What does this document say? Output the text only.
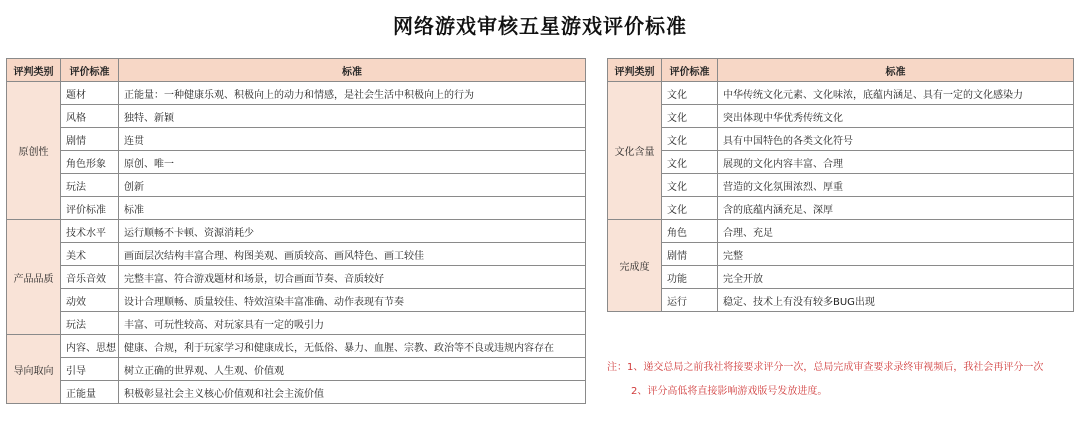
网络游戏审核五星游戏评价标准
评判类别	评价标准	标准
原创性	题材	正能量：一种健康乐观、积极向上的动力和情感，是社会生活中积极向上的行为
	风格	独特、新颖
	剧情	连贯
	角色形象	原创、唯一
	玩法	创新
	评价标准	标准
产品品质	技术水平	运行顺畅不卡顿、资源消耗少
	美术	画面层次结构丰富合理、构图美观、画质较高、画风特色、画工较佳
	音乐音效	完整丰富、符合游戏题材和场景，切合画面节奏、音质较好
	动效	设计合理顺畅、质量较佳、特效渲染丰富准确、动作表现有节奏
	玩法	丰富、可玩性较高、对玩家具有一定的吸引力
导向取向	内容、思想	健康、合规，利于玩家学习和健康成长，无低俗、暴力、血腥、宗教、政治等不良或违规内容存在
	引导	树立正确的世界观、人生观、价值观
	正能量	积极彰显社会主义核心价值观和社会主流价值
评判类别	评价标准	标准
文化含量	文化	中华传统文化元素、文化味浓，底蕴内涵足、具有一定的文化感染力
	文化	突出体现中华优秀传统文化
	文化	具有中国特色的各类文化符号
	文化	展现的文化内容丰富、合理
	文化	营造的文化氛围浓烈、厚重
	文化	含的底蕴内涵充足、深厚
完成度	角色	合理、充足
	剧情	完整
	功能	完全开放
	运行	稳定、技术上有没有较多BUG出现
注：1、递交总局之前我社将接要求评分一次，总局完成审查要求录终审视频后，我社会再评分一次
2、评分高低将直接影响游戏版号发放进度。
